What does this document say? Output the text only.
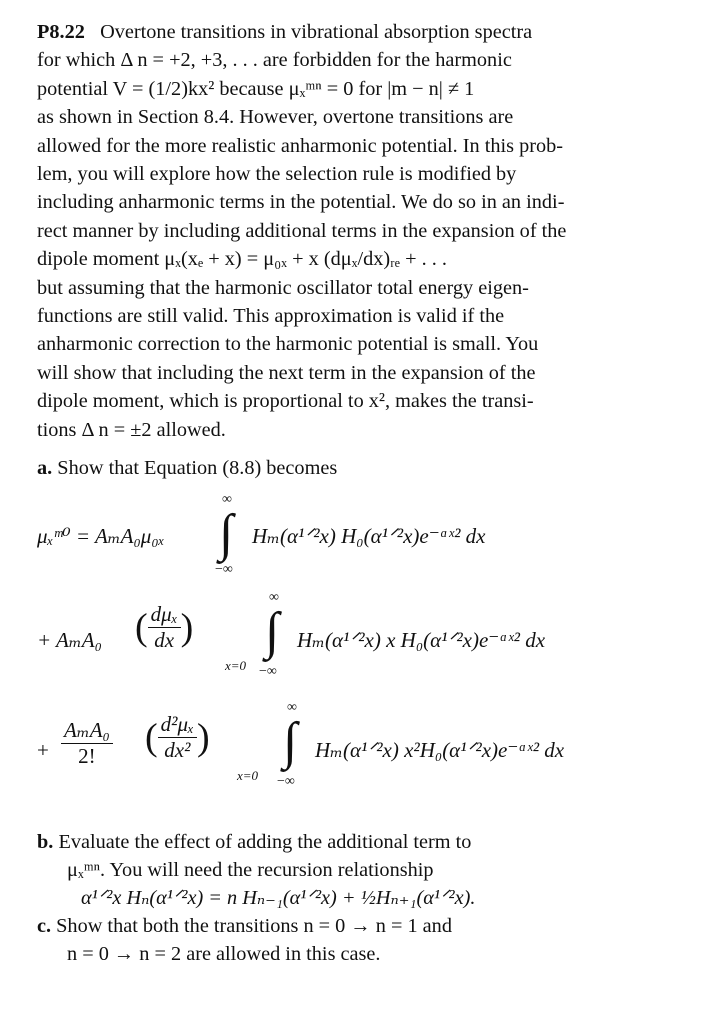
P8.22 Overtone transitions in vibrational absorption spectra
for which Δ n = +2, +3, . . . are forbidden for the harmonic
potential V = (1/2)kx² because μₓᵐⁿ = 0 for |m − n| ≠ 1
as shown in Section 8.4. However, overtone transitions are
allowed for the more realistic anharmonic potential. In this prob-
lem, you will explore how the selection rule is modified by
including anharmonic terms in the potential. We do so in an indi-
rect manner by including additional terms in the expansion of the
dipole moment μₓ(xₑ + x) = μ₀ₓ + x (dμₓ/dx)ᵣₑ + . . .
but assuming that the harmonic oscillator total energy eigen-
functions are still valid. This approximation is valid if the
anharmonic correction to the harmonic potential is small. You
will show that including the next term in the expansion of the
dipole moment, which is proportional to x², makes the transi-
tions Δ n = ±2 allowed.

a. Show that Equation (8.8) becomes

∞
μₓᵐ⁰ = AₘA₀μ₀ₓ ∫ Hₘ(α¹ᐟ²x) H₀(α¹ᐟ²x)e⁻ᵅˣ² dx
−∞
∞
+ AₘA₀ ( $\frac{\text{dμₓ}}{dx}$ )
x=0
∫ Hₘ(α¹ᐟ²x) x H₀(α¹ᐟ²x)e⁻ᵅˣ² dx
−∞
∞
+ $\frac{\text{AₘA₀}}{2!}$ ( $\frac{\text{d²μₓ}}{\text{dx²}}$ )
x=0
∫ Hₘ(α¹ᐟ²x) x²H₀(α¹ᐟ²x)e⁻ᵅˣ² dx
−∞

b. Evaluate the effect of adding the additional term to

μₓᵐⁿ. You will need the recursion relationship

α¹ᐟ²x Hₙ(α¹ᐟ²x) = n Hₙ₋₁(α¹ᐟ²x) + ½Hₙ₊₁(α¹ᐟ²x).

c. Show that both the transitions n = 0 → n = 1 and

n = 0 → n = 2 are allowed in this case.
